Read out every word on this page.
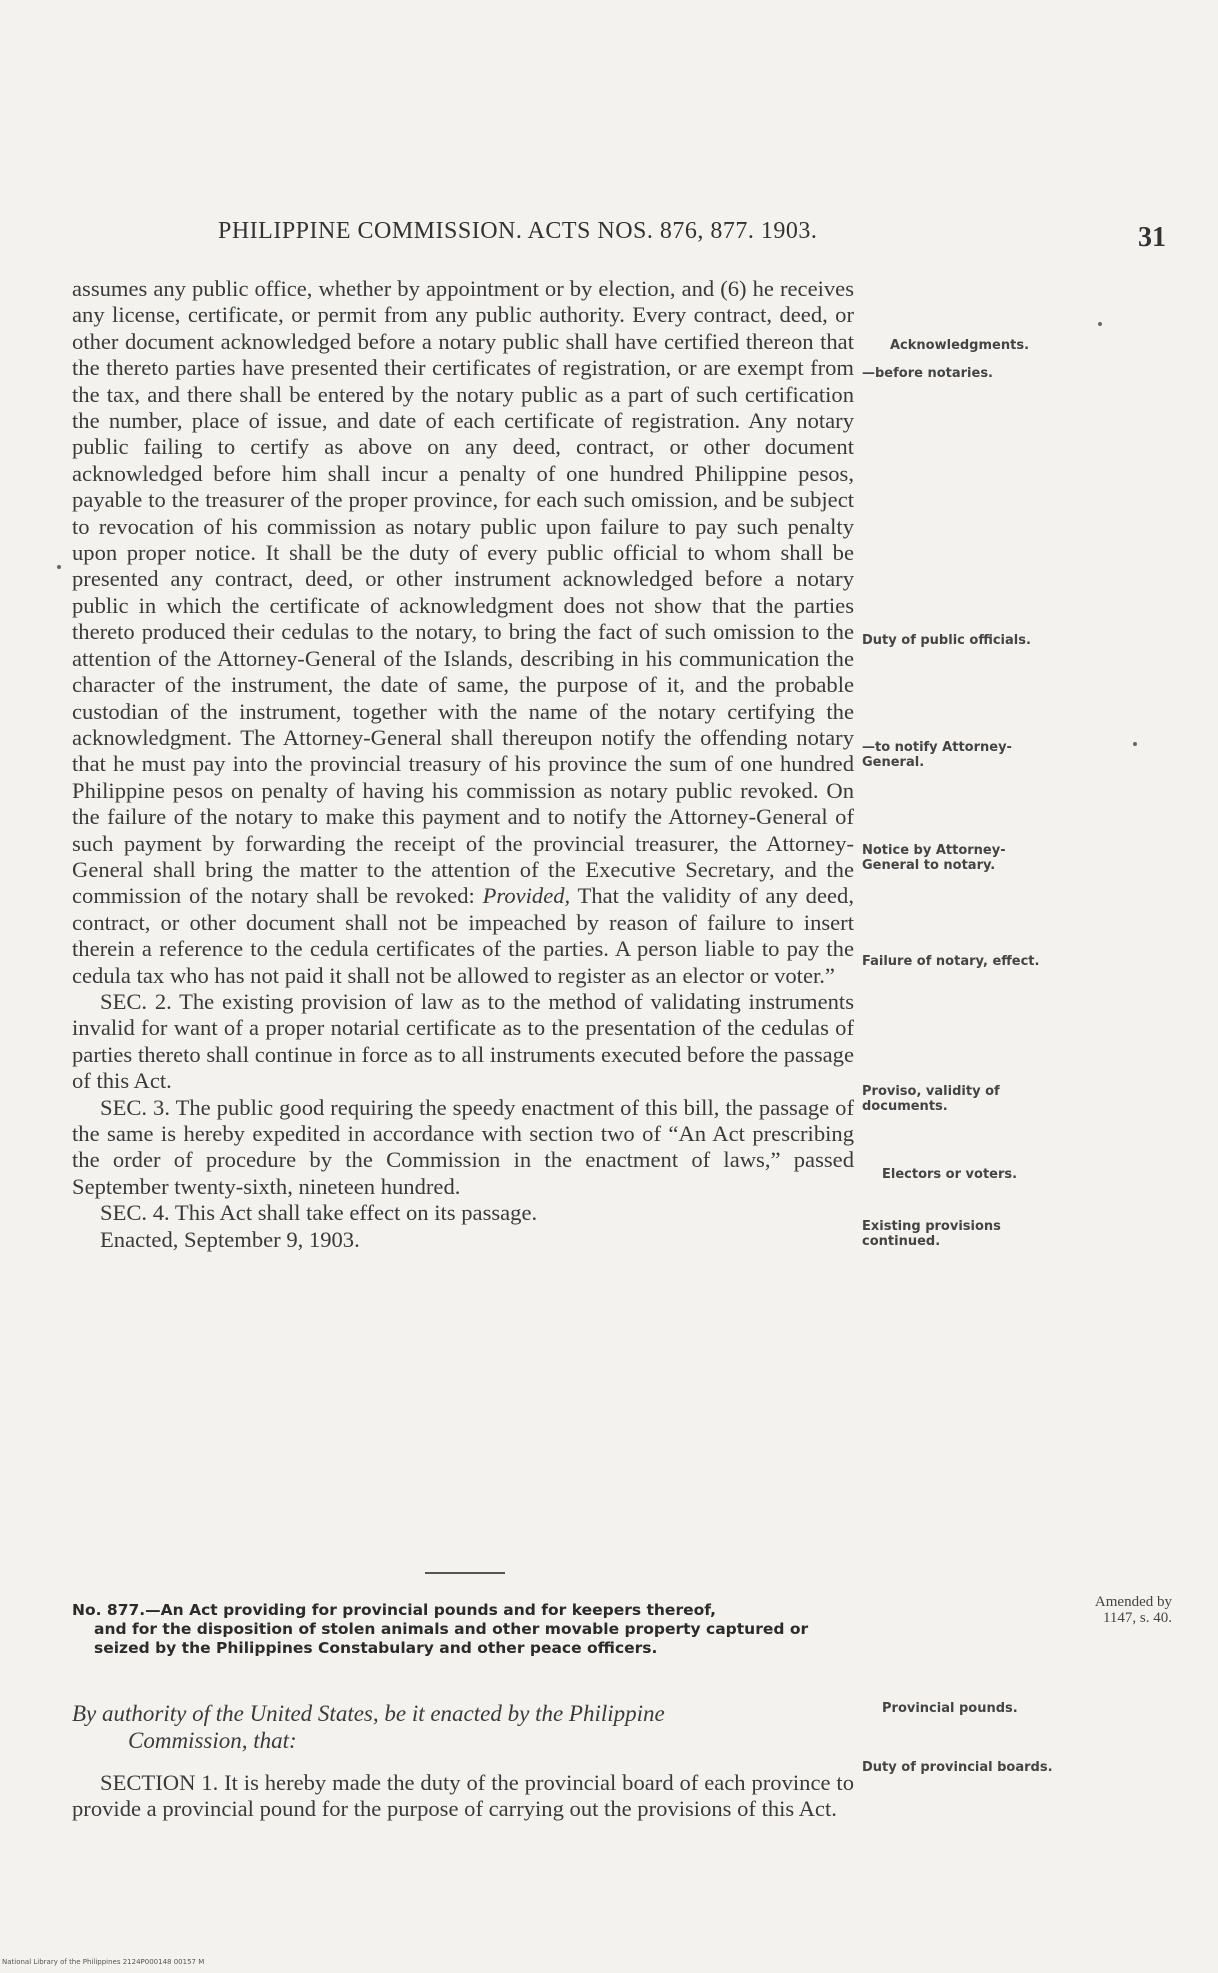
PHILIPPINE COMMISSION. ACTS NOS. 876, 877. 1903.	31

assumes any public office, whether by appointment or by election, and (6) he receives any license, certificate, or permit from any public authority. Every contract, deed, or other document acknowledged before a notary public shall have certified thereon that the thereto parties have presented their certificates of registration, or are exempt from the tax, and there shall be entered by the notary public as a part of such certification the number, place of issue, and date of each certificate of registration. Any notary public failing to certify as above on any deed, contract, or other document acknowledged before him shall incur a penalty of one hundred Philippine pesos, payable to the treasurer of the proper province, for each such omission, and be subject to revocation of his commission as notary public upon failure to pay such penalty upon proper notice. It shall be the duty of every public official to whom shall be presented any contract, deed, or other instrument acknowledged before a notary public in which the certificate of acknowledgment does not show that the parties thereto produced their cedulas to the notary, to bring the fact of such omission to the attention of the Attorney-General of the Islands, describing in his communication the character of the instrument, the date of same, the purpose of it, and the probable custodian of the instrument, together with the name of the notary certifying the acknowledgment. The Attorney-General shall thereupon notify the offending notary that he must pay into the provincial treasury of his province the sum of one hundred Philippine pesos on penalty of having his commission as notary public revoked. On the failure of the notary to make this payment and to notify the Attorney-General of such payment by forwarding the receipt of the provincial treasurer, the Attorney-General shall bring the matter to the attention of the Executive Secretary, and the commission of the notary shall be revoked: Provided, That the validity of any deed, contract, or other document shall not be impeached by reason of failure to insert therein a reference to the cedula certificates of the parties. A person liable to pay the cedula tax who has not paid it shall not be allowed to register as an elector or voter.”

SEC. 2. The existing provision of law as to the method of validating instruments invalid for want of a proper notarial certificate as to the presentation of the cedulas of parties thereto shall continue in force as to all instruments executed before the passage of this Act.

SEC. 3. The public good requiring the speedy enactment of this bill, the passage of the same is hereby expedited in accordance with section two of “An Act prescribing the order of procedure by the Commission in the enactment of laws,” passed September twenty-sixth, nineteen hundred.

SEC. 4. This Act shall take effect on its passage.

Enacted, September 9, 1903.

Acknowledgments.
—before notaries.
Duty of public officials.
—to notify Attorney-General.
Notice by Attorney-General to notary.
Failure of notary, effect.
Proviso, validity of documents.
Electors or voters.
Existing provisions continued.
No. 877.—An Act providing for provincial pounds and for keepers thereof,
and for the disposition of stolen animals and other movable property captured or seized by the Philippines Constabulary and other peace officers.
Amended by 1147, s. 40.
By authority of the United States, be it enacted by the Philippine
Commission, that:
Provincial pounds.
Duty of provincial boards.

SECTION 1. It is hereby made the duty of the provincial board of each province to provide a provincial pound for the purpose of carrying out the provisions of this Act.

National Library of the Philippines 2124P000148 00157 M
